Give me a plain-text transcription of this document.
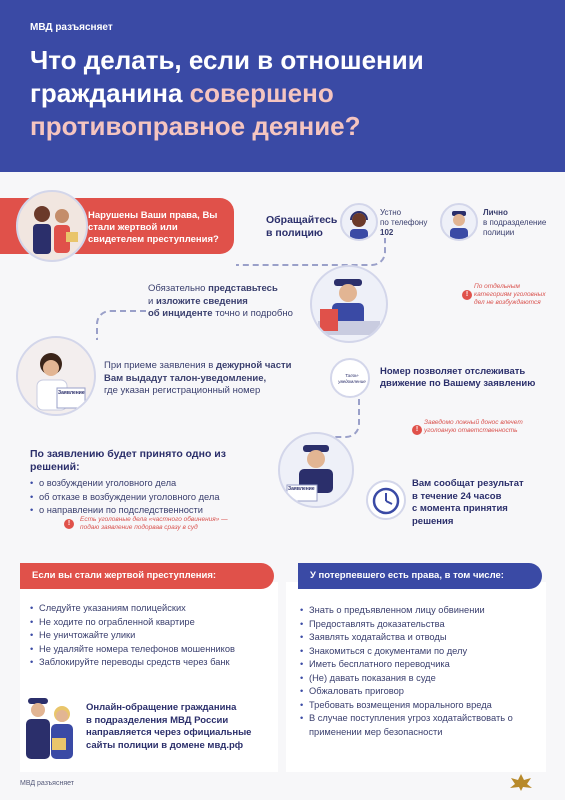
МВД разъясняет
Что делать, если в отношении
гражданина совершено
противоправное деяние?
Нарушены Ваши права, Вы стали жертвой или свидетелем преступления?
Обращайтесь в полицию
Устно
по телефону
102
Лично
в подразделение полиции
Обязательно представьтесь
и изложите сведения
об инциденте точно и подробно
!
По отдельным категориям уголовных дел не возбуждаются
Заявление
При приеме заявления в дежурной части
Вам выдадут талон-уведомление,
где указан регистрационный номер
Талон-уведомление
Номер позволяет отслеживать движение по Вашему заявлению
!
Заведомо ложный донос влечет уголовную ответственность
По заявлению будет принято одно из решений:
• о возбуждении уголовного дела
• об отказе в возбуждении уголовного дела
• о направлении по подследственности
Заявление	Вам сообщат результат
в течение 24 часов
с момента принятия
решения
!
Есть уголовные дела «частного обвинения» —
подаю заявление подорвав сразу в суд
• Следуйте указаниям полицейских
• Не ходите по ограбленной квартире
• Не уничтожайте улики
• Не удаляйте номера телефонов мошенников
• Заблокируйте переводы средств через банк
Онлайн-обращение гражданина
в подразделения МВД России
направляется через официальные
сайты полиции в домене мвд.рф
Если вы стали жертвой преступления:
• Знать о предъявленном лицу обвинении
• Предоставлять доказательства
• Заявлять ходатайства и отводы
• Знакомиться с документами по делу
• Иметь бесплатного переводчика
• (Не) давать показания в суде
• Обжаловать приговор
• Требовать возмещения морального вреда
• В случае поступления угроз ходатайствовать о применении мер безопасности
У потерпевшего есть права, в том числе:
МВД разъясняет
